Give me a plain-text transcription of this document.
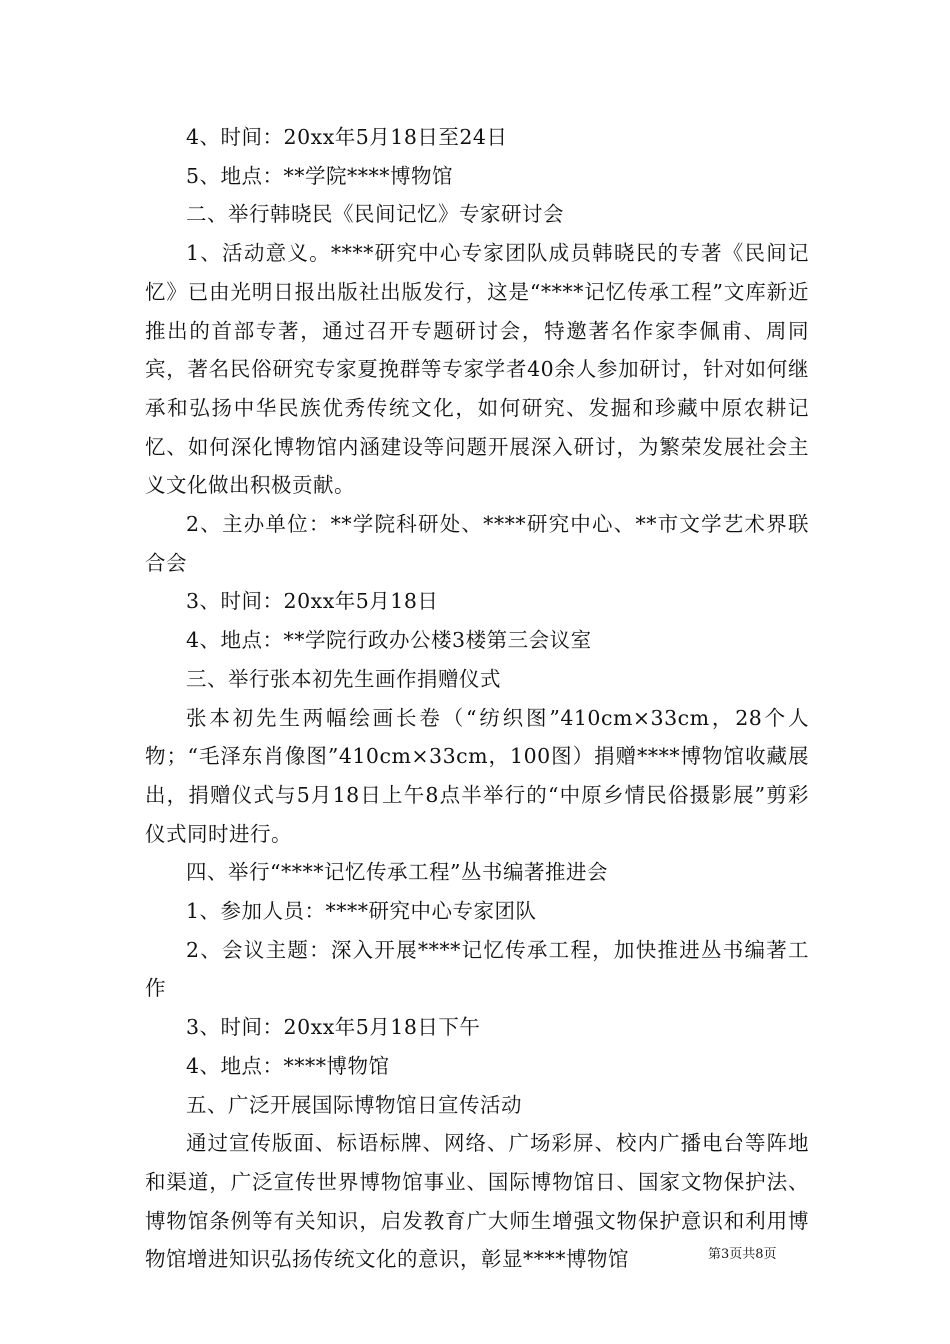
4、时间：20xx年5月18日至24日

5、地点：**学院****博物馆

二、举行韩晓民《民间记忆》专家研讨会

1、活动意义。****研究中心专家团队成员韩晓民的专著《民间记忆》已由光明日报出版社出版发行，这是“****记忆传承工程”文库新近推出的首部专著，通过召开专题研讨会，特邀著名作家李佩甫、周同宾，著名民俗研究专家夏挽群等专家学者40余人参加研讨，针对如何继承和弘扬中华民族优秀传统文化，如何研究、发掘和珍藏中原农耕记忆、如何深化博物馆内涵建设等问题开展深入研讨，为繁荣发展社会主义文化做出积极贡献。

2、主办单位：**学院科研处、****研究中心、**市文学艺术界联合会

3、时间：20xx年5月18日

4、地点：**学院行政办公楼3楼第三会议室

三、举行张本初先生画作捐赠仪式

张本初先生两幅绘画长卷（“纺织图”410cm×33cm，28个人物；“毛泽东肖像图”410cm×33cm，100图）捐赠****博物馆收藏展出，捐赠仪式与5月18日上午8点半举行的“中原乡情民俗摄影展”剪彩仪式同时进行。

四、举行“****记忆传承工程”丛书编著推进会

1、参加人员：****研究中心专家团队

2、会议主题：深入开展****记忆传承工程，加快推进丛书编著工作

3、时间：20xx年5月18日下午

4、地点：****博物馆

五、广泛开展国际博物馆日宣传活动

通过宣传版面、标语标牌、网络、广场彩屏、校内广播电台等阵地和渠道，广泛宣传世界博物馆事业、国际博物馆日、国家文物保护法、博物馆条例等有关知识，启发教育广大师生增强文物保护意识和利用博物馆增进知识弘扬传统文化的意识，彰显****博物馆	第3页共8页
